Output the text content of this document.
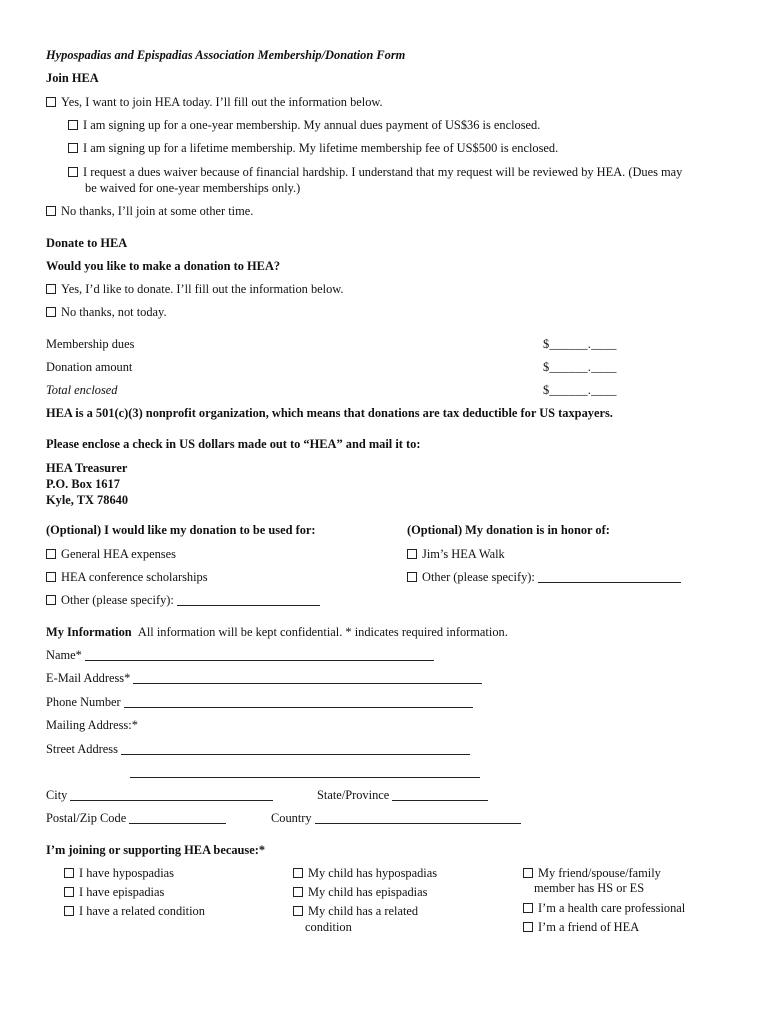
Hypospadias and Epispadias Association Membership/Donation Form
Join HEA
Yes, I want to join HEA today. I’ll fill out the information below.
I am signing up for a one-year membership. My annual dues payment of US$36 is enclosed.
I am signing up for a lifetime membership. My lifetime membership fee of US$500 is enclosed.
I request a dues waiver because of financial hardship. I understand that my request will be reviewed by HEA. (Dues may
be waived for one-year memberships only.)
No thanks, I’ll join at some other time.
Donate to HEA
Would you like to make a donation to HEA?
Yes, I’d like to donate. I’ll fill out the information below.
No thanks, not today.
Membership dues	$______.____
Donation amount	$______.____
Total enclosed	$______.____
HEA is a 501(c)(3) nonprofit organization, which means that donations are tax deductible for US taxpayers.
Please enclose a check in US dollars made out to “HEA” and mail it to:
HEA Treasurer
P.O. Box 1617
Kyle, TX 78640
(Optional) I would like my donation to be used for:
General HEA expenses
HEA conference scholarships
Other (please specify):
(Optional) My donation is in honor of:
Jim’s HEA Walk
Other (please specify):
My Information All information will be kept confidential. * indicates required information.
Name*
E-Mail Address*
Phone Number
Mailing Address:*
Street Address
City	State/Province
Postal/Zip Code	Country
I’m joining or supporting HEA because:*
I have hypospadias
I have epispadias
I have a related condition
My child has hypospadias
My child has epispadias
My child has a related
condition
My friend/spouse/family
member has HS or ES
I’m a health care professional
I’m a friend of HEA
